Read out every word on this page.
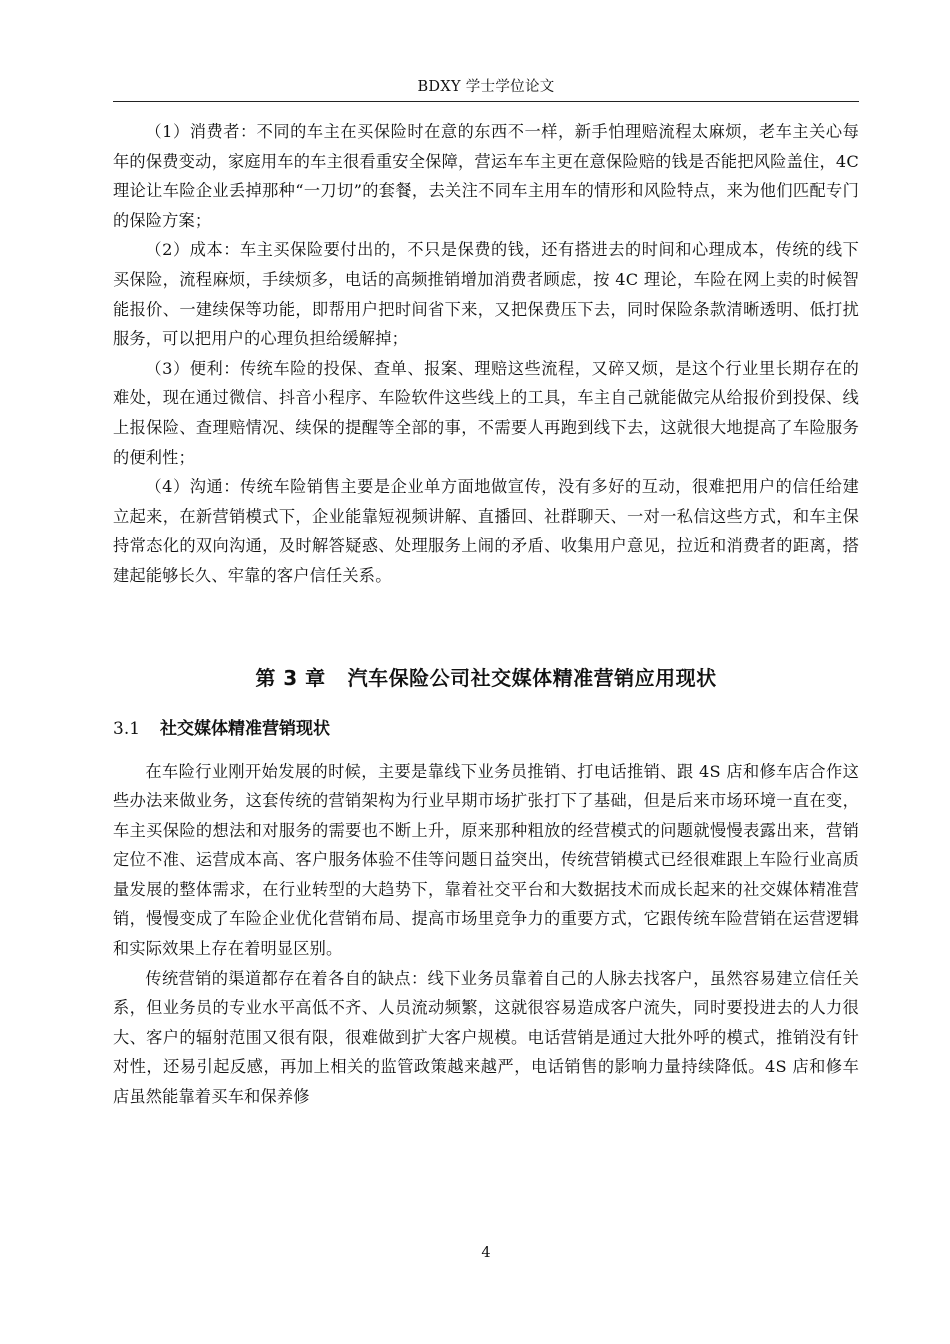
BDXY 学士学位论文

（1）消费者：不同的车主在买保险时在意的东西不一样，新手怕理赔流程太麻烦，老车主关心每年的保费变动，家庭用车的车主很看重安全保障，营运车车主更在意保险赔的钱是否能把风险盖住，4C 理论让车险企业丢掉那种“一刀切”的套餐，去关注不同车主用车的情形和风险特点，来为他们匹配专门的保险方案；

（2）成本：车主买保险要付出的，不只是保费的钱，还有搭进去的时间和心理成本，传统的线下买保险，流程麻烦，手续烦多，电话的高频推销增加消费者顾虑，按 4C 理论，车险在网上卖的时候智能报价、一建续保等功能，即帮用户把时间省下来，又把保费压下去，同时保险条款清晰透明、低打扰服务，可以把用户的心理负担给缓解掉；

（3）便利：传统车险的投保、查单、报案、理赔这些流程，又碎又烦，是这个行业里长期存在的难处，现在通过微信、抖音小程序、车险软件这些线上的工具，车主自己就能做完从给报价到投保、线上报保险、查理赔情况、续保的提醒等全部的事，不需要人再跑到线下去，这就很大地提高了车险服务的便利性；

（4）沟通：传统车险销售主要是企业单方面地做宣传，没有多好的互动，很难把用户的信任给建立起来，在新营销模式下，企业能靠短视频讲解、直播回、社群聊天、一对一私信这些方式，和车主保持常态化的双向沟通，及时解答疑惑、处理服务上闹的矛盾、收集用户意见，拉近和消费者的距离，搭建起能够长久、牢靠的客户信任关系。

第 3 章 汽车保险公司社交媒体精准营销应用现状
3.1 社交媒体精准营销现状

在车险行业刚开始发展的时候，主要是靠线下业务员推销、打电话推销、跟 4S 店和修车店合作这些办法来做业务，这套传统的营销架构为行业早期市场扩张打下了基础，但是后来市场环境一直在变，车主买保险的想法和对服务的需要也不断上升，原来那种粗放的经营模式的问题就慢慢表露出来，营销定位不准、运营成本高、客户服务体验不佳等问题日益突出，传统营销模式已经很难跟上车险行业高质量发展的整体需求，在行业转型的大趋势下，靠着社交平台和大数据技术而成长起来的社交媒体精准营销，慢慢变成了车险企业优化营销布局、提高市场里竞争力的重要方式，它跟传统车险营销在运营逻辑和实际效果上存在着明显区别。

传统营销的渠道都存在着各自的缺点：线下业务员靠着自己的人脉去找客户，虽然容易建立信任关系，但业务员的专业水平高低不齐、人员流动频繁，这就很容易造成客户流失，同时要投进去的人力很大、客户的辐射范围又很有限，很难做到扩大客户规模。电话营销是通过大批外呼的模式，推销没有针对性，还易引起反感，再加上相关的监管政策越来越严，电话销售的影响力量持续降低。4S 店和修车店虽然能靠着买车和保养修

4
